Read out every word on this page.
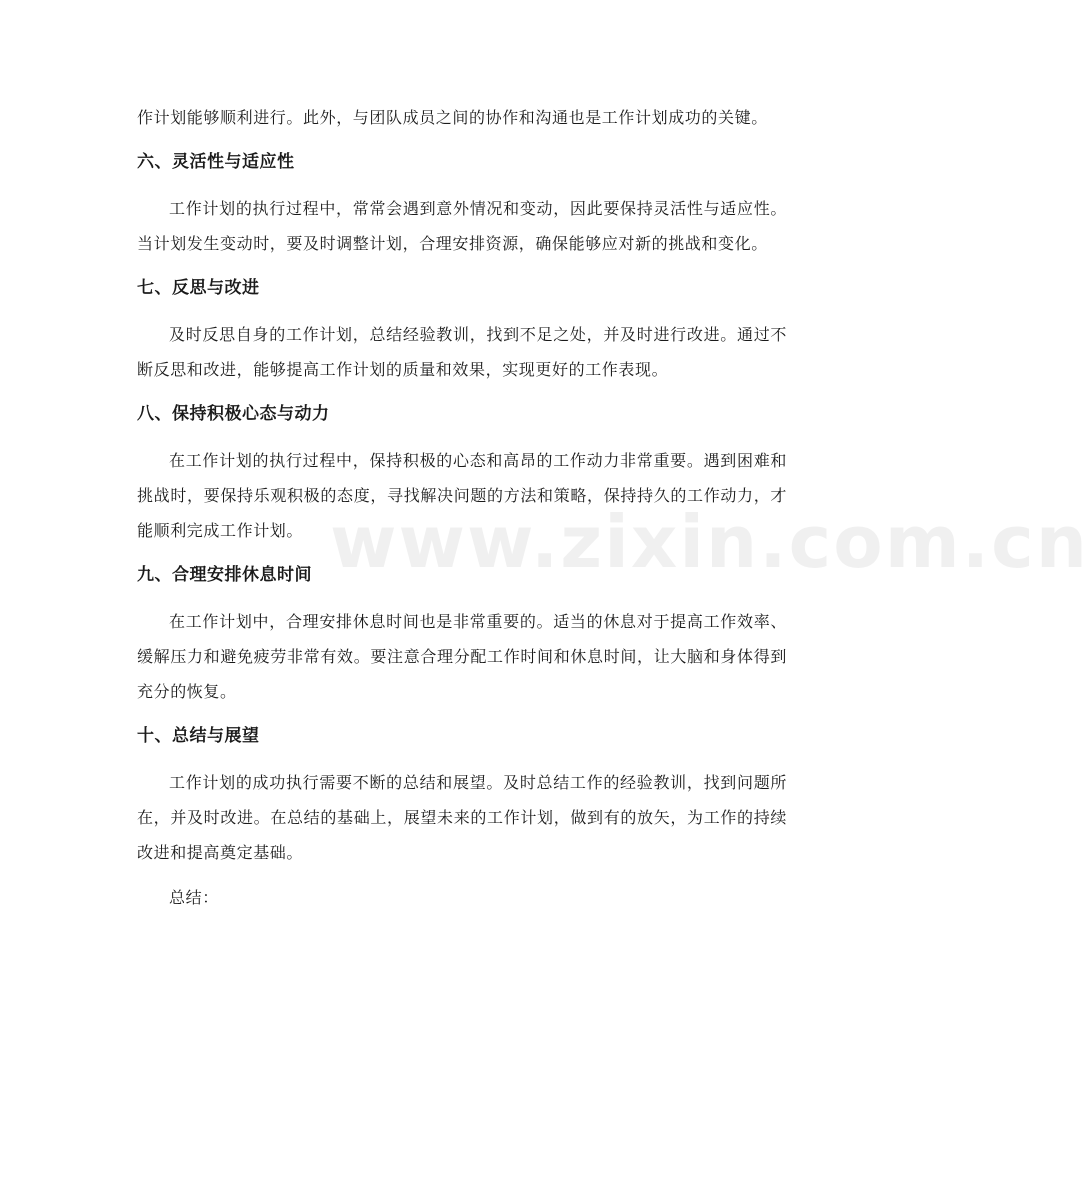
www.zixin.com.cn

作计划能够顺利进行。此外，与团队成员之间的协作和沟通也是工作计划成功的关键。

六、灵活性与适应性

工作计划的执行过程中，常常会遇到意外情况和变动，因此要保持灵活性与适应性。当计划发生变动时，要及时调整计划，合理安排资源，确保能够应对新的挑战和变化。

七、反思与改进

及时反思自身的工作计划，总结经验教训，找到不足之处，并及时进行改进。通过不断反思和改进，能够提高工作计划的质量和效果，实现更好的工作表现。

八、保持积极心态与动力

在工作计划的执行过程中，保持积极的心态和高昂的工作动力非常重要。遇到困难和挑战时，要保持乐观积极的态度，寻找解决问题的方法和策略，保持持久的工作动力，才能顺利完成工作计划。

九、合理安排休息时间

在工作计划中，合理安排休息时间也是非常重要的。适当的休息对于提高工作效率、缓解压力和避免疲劳非常有效。要注意合理分配工作时间和休息时间，让大脑和身体得到充分的恢复。

十、总结与展望

工作计划的成功执行需要不断的总结和展望。及时总结工作的经验教训，找到问题所在，并及时改进。在总结的基础上，展望未来的工作计划，做到有的放矢，为工作的持续改进和提高奠定基础。

总结：
